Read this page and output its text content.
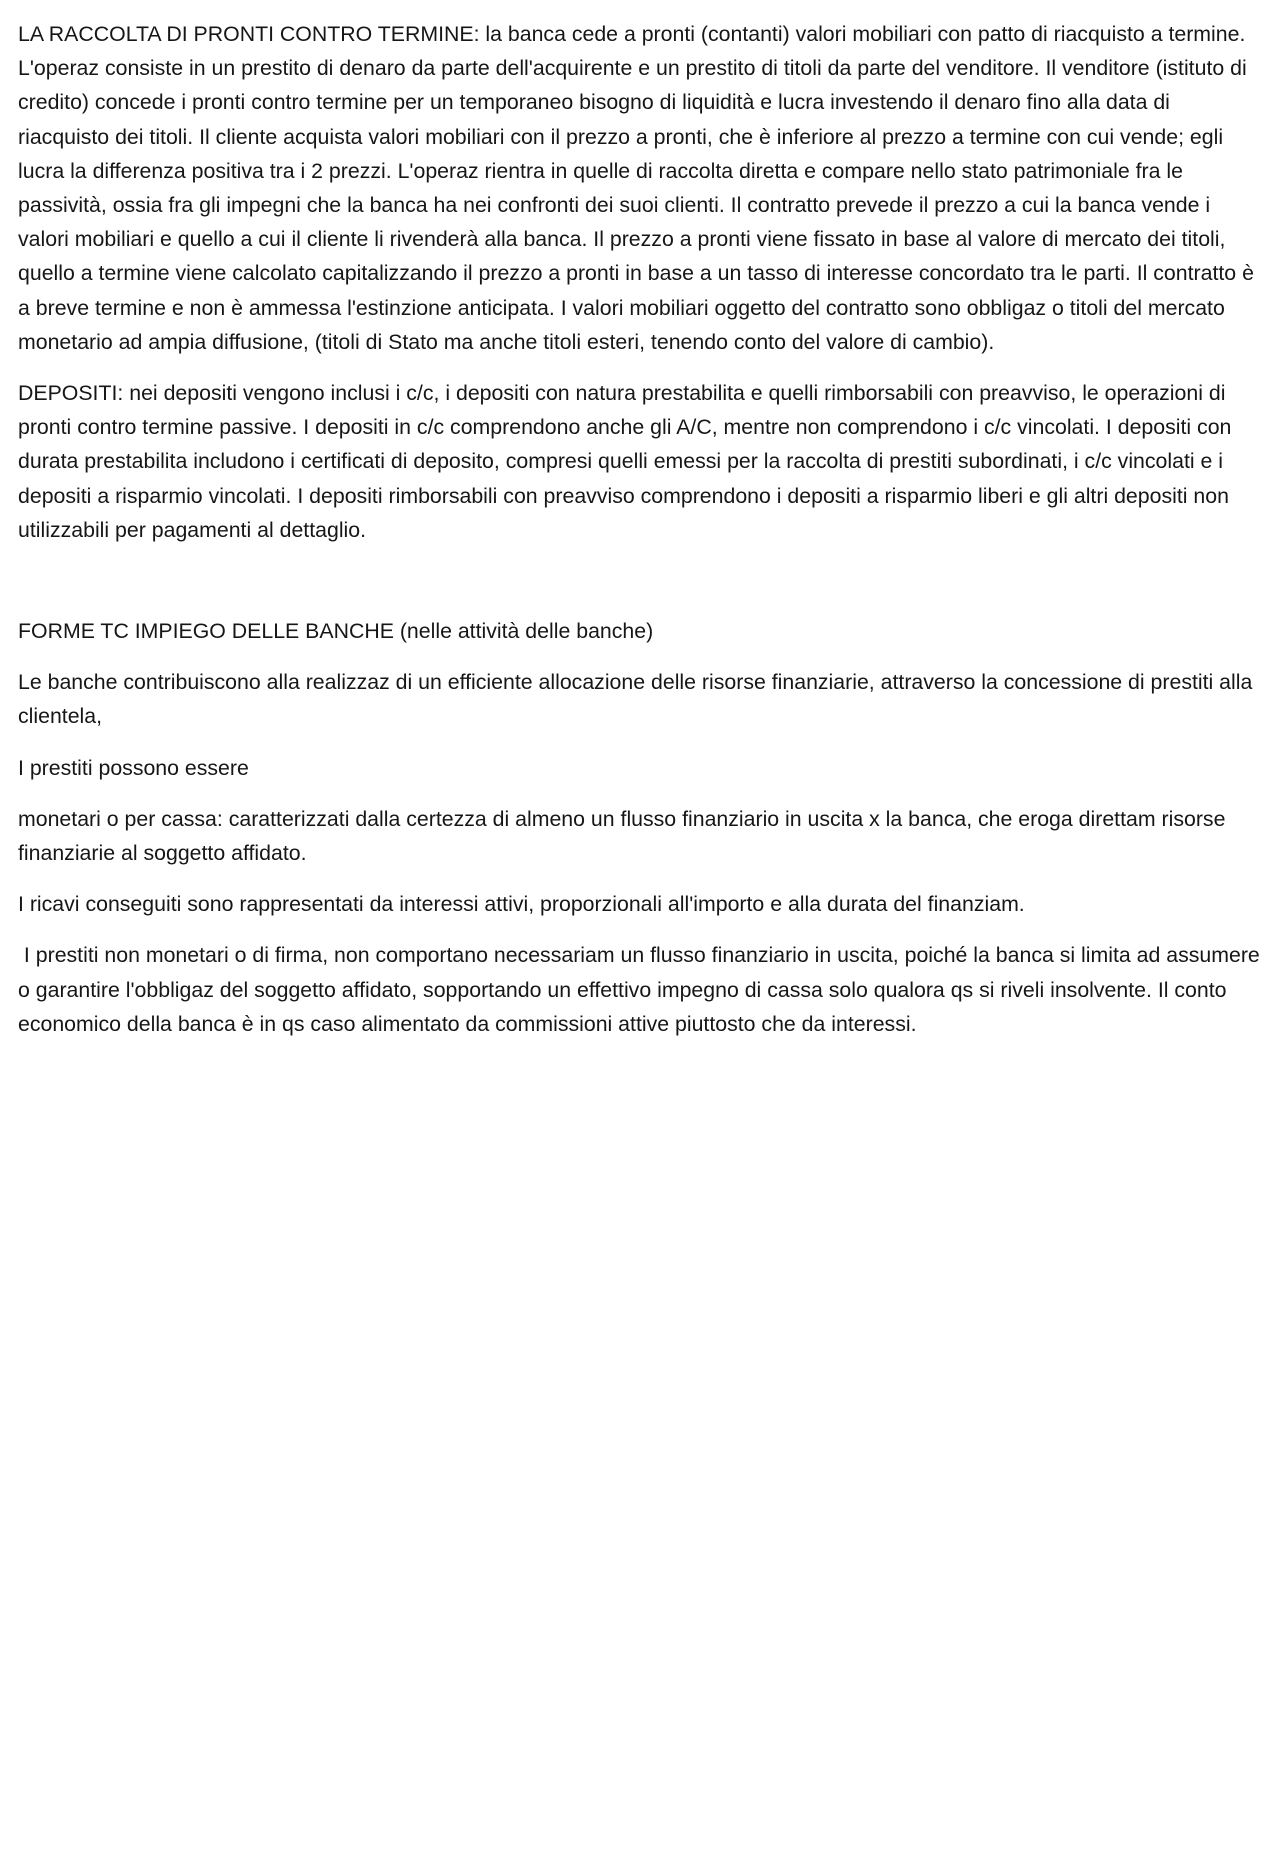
LA RACCOLTA DI PRONTI CONTRO TERMINE: la banca cede a pronti (contanti) valori mobiliari con patto di riacquisto a termine. L'operaz consiste in un prestito di denaro da parte dell'acquirente e un prestito di titoli da parte del venditore. Il venditore (istituto di credito) concede i pronti contro termine per un temporaneo bisogno di liquidità e lucra investendo il denaro fino alla data di riacquisto dei titoli. Il cliente acquista valori mobiliari con il prezzo a pronti, che è inferiore al prezzo a termine con cui vende; egli lucra la differenza positiva tra i 2 prezzi. L'operaz rientra in quelle di raccolta diretta e compare nello stato patrimoniale fra le passività, ossia fra gli impegni che la banca ha nei confronti dei suoi clienti. Il contratto prevede il prezzo a cui la banca vende i valori mobiliari e quello a cui il cliente li rivenderà alla banca. Il prezzo a pronti viene fissato in base al valore di mercato dei titoli, quello a termine viene calcolato capitalizzando il prezzo a pronti in base a un tasso di interesse concordato tra le parti. Il contratto è a breve termine e non è ammessa l'estinzione anticipata. I valori mobiliari oggetto del contratto sono obbligaz o titoli del mercato monetario ad ampia diffusione, (titoli di Stato ma anche titoli esteri, tenendo conto del valore di cambio).

DEPOSITI: nei depositi vengono inclusi i c/c, i depositi con natura prestabilita e quelli rimborsabili con preavviso, le operazioni di pronti contro termine passive. I depositi in c/c comprendono anche gli A/C, mentre non comprendono i c/c vincolati. I depositi con durata prestabilita includono i certificati di deposito, compresi quelli emessi per la raccolta di prestiti subordinati, i c/c vincolati e i depositi a risparmio vincolati. I depositi rimborsabili con preavviso comprendono i depositi a risparmio liberi e gli altri depositi non utilizzabili per pagamenti al dettaglio.

FORME TC IMPIEGO DELLE BANCHE (nelle attività delle banche)

Le banche contribuiscono alla realizzaz di un efficiente allocazione delle risorse finanziarie, attraverso la concessione di prestiti alla clientela,

I prestiti possono essere

monetari o per cassa: caratterizzati dalla certezza di almeno un flusso finanziario in uscita x la banca, che eroga direttam risorse finanziarie al soggetto affidato.

I ricavi conseguiti sono rappresentati da interessi attivi, proporzionali all'importo e alla durata del finanziam.

I prestiti non monetari o di firma, non comportano necessariam un flusso finanziario in uscita, poiché la banca si limita ad assumere o garantire l'obbligaz del soggetto affidato, sopportando un effettivo impegno di cassa solo qualora qs si riveli insolvente. Il conto economico della banca è in qs caso alimentato da commissioni attive piuttosto che da interessi.
